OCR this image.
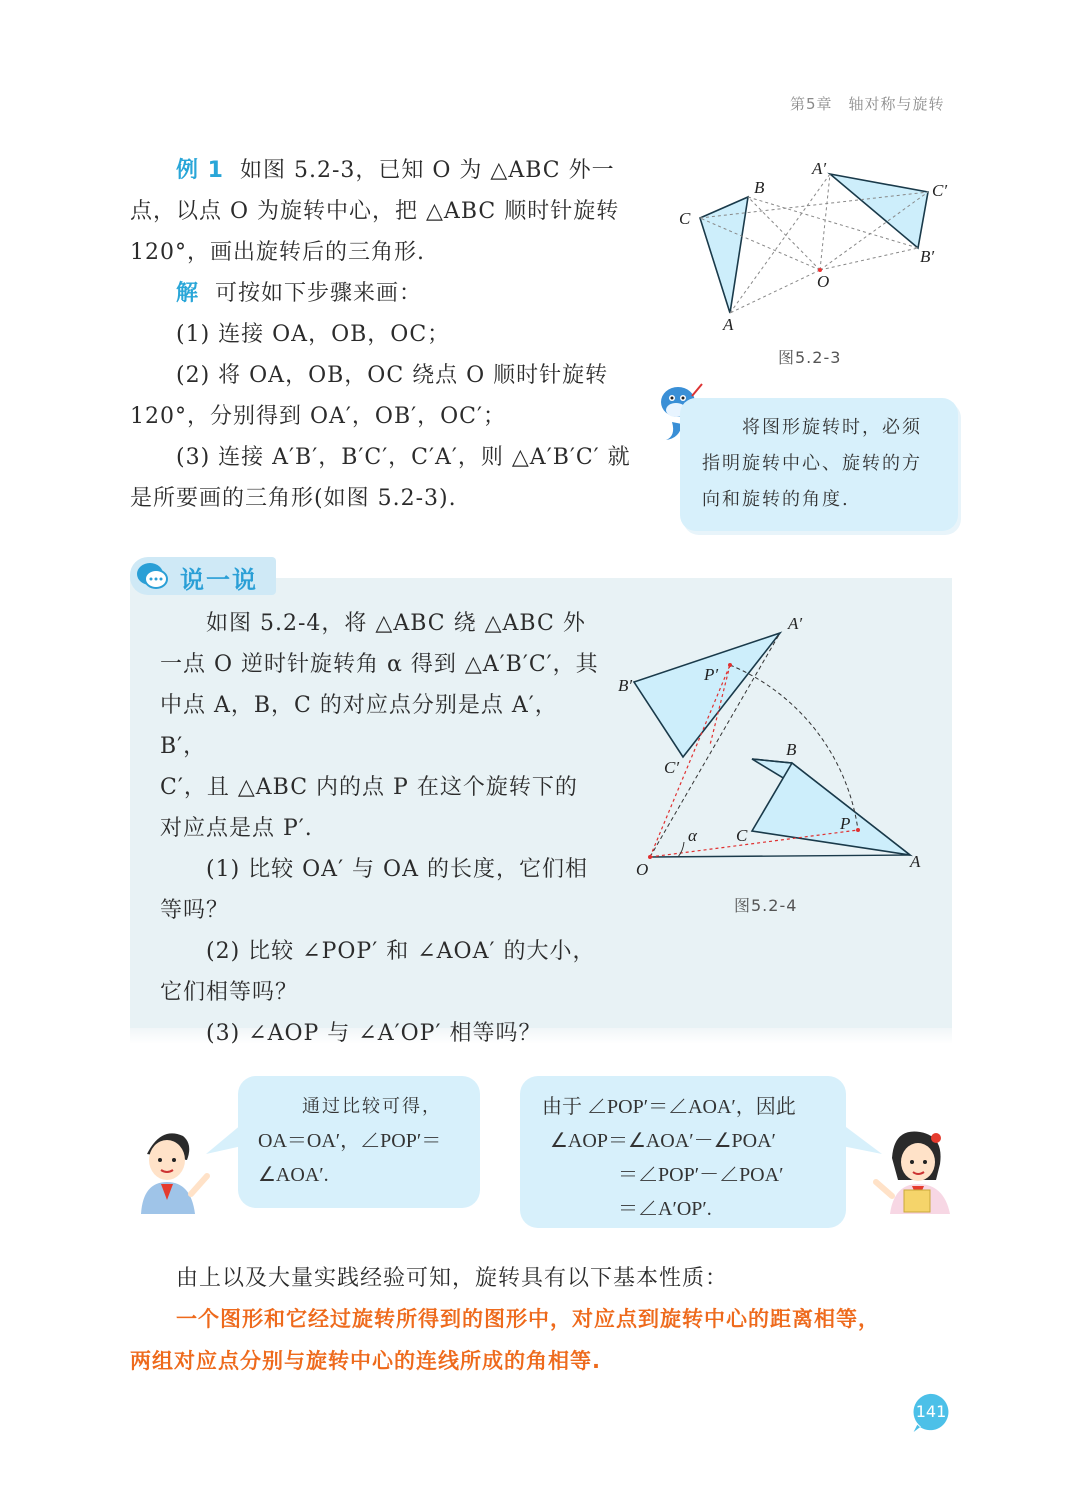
第5章　轴对称与旋转

例 1 如图 5.2-3，已知 O 为 △ABC 外一

点，以点 O 为旋转中心，把 △ABC 顺时针旋转

120°，画出旋转后的三角形.

解 可按如下步骤来画：

(1) 连接 OA，OB，OC；

(2) 将 OA，OB，OC 绕点 O 顺时针旋转

120°，分别得到 OA′，OB′，OC′；

(3) 连接 A′B′，B′C′，C′A′，则 △A′B′C′ 就

是所要画的三角形(如图 5.2-3).

A
B
C
O
A′
B′
C′
图5.2-3
将图形旋转时，必须
指明旋转中心、旋转的方
向和旋转的角度.
说一说

如图 5.2-4，将 △ABC 绕 △ABC 外

一点 O 逆时针旋转角 α 得到 △A′B′C′，其

中点 A，B，C 的对应点分别是点 A′，B′，

C′，且 △ABC 内的点 P 在这个旋转下的

对应点是点 P′.

(1) 比较 OA′ 与 OA 的长度，它们相

等吗？

(2) 比较 ∠POP′ 和 ∠AOA′ 的大小，

它们相等吗？

(3) ∠AOP 与 ∠A′OP′ 相等吗？

A
B
C
O
P
A′
B′
C′
P′
α
图5.2-4
通过比较可得，
OA＝OA′，∠POP′＝
∠AOA′.
由于 ∠POP′＝∠AOA′，因此
∠AOP＝∠AOA′－∠POA′
＝∠POP′－∠POA′
＝∠A′OP′.

由上以及大量实践经验可知，旋转具有以下基本性质：

一个图形和它经过旋转所得到的图形中，对应点到旋转中心的距离相等，
两组对应点分别与旋转中心的连线所成的角相等.
141
